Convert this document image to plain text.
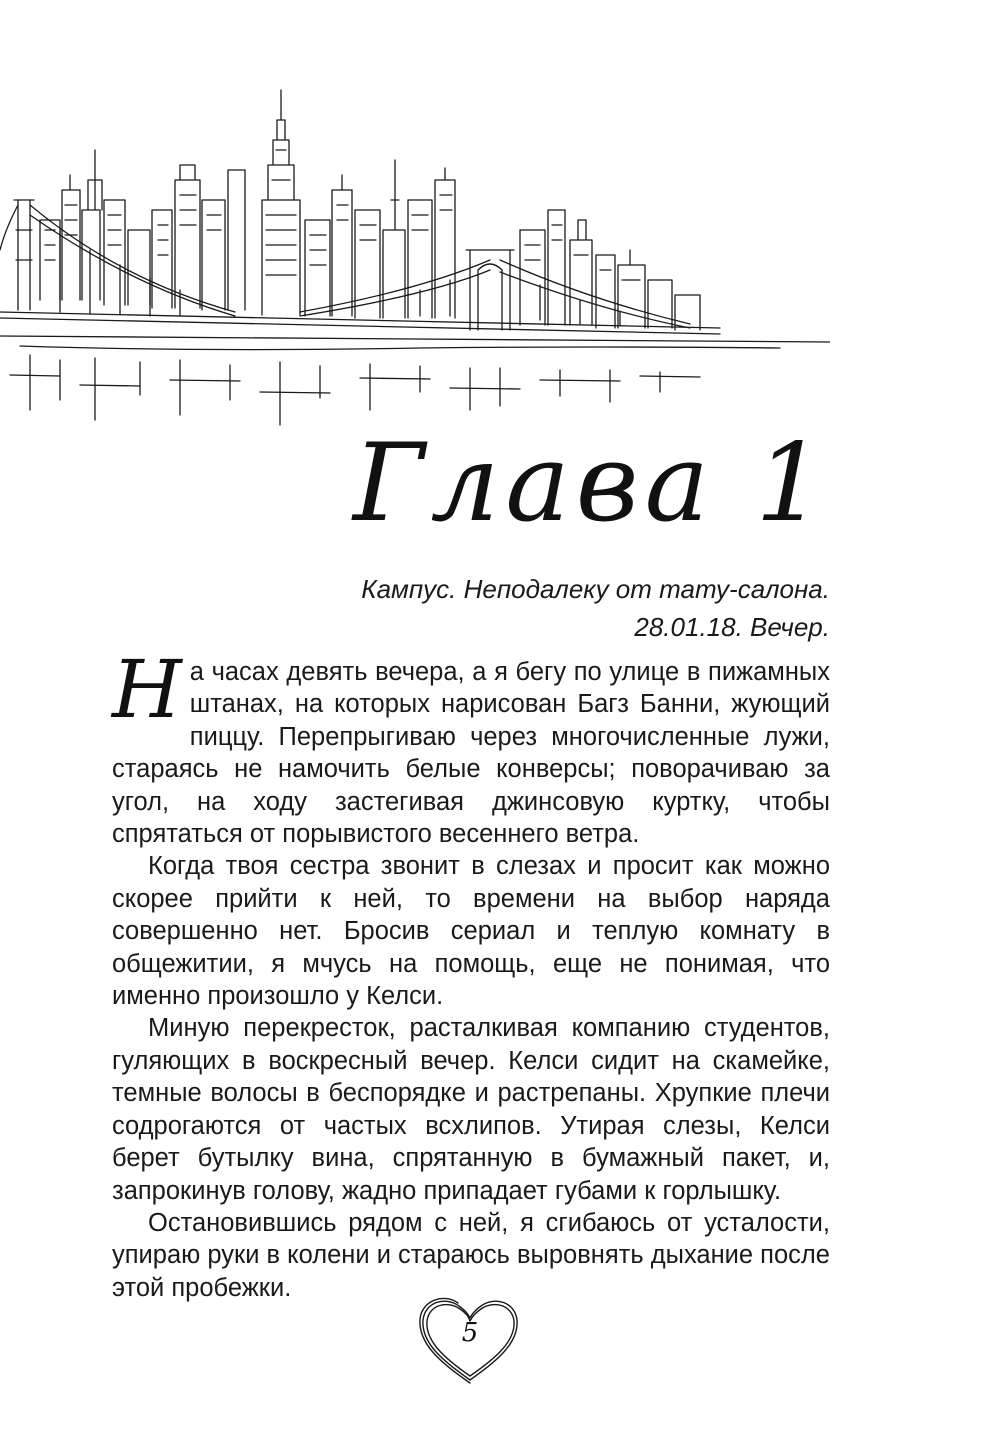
Глава 1
Кампус. Неподалеку от тату-салона.
28.01.18. Вечер.

На часах девять вечера, а я бегу по улице в пижамных штанах, на которых нарисован Багз Банни, жующий пиццу. Перепрыгиваю через многочисленные лужи, стараясь не намочить белые конверсы; поворачиваю за угол, на ходу застегивая джинсовую куртку, чтобы спрятаться от порывистого весеннего ветра.

Когда твоя сестра звонит в слезах и просит как можно скорее прийти к ней, то времени на выбор наряда совершенно нет. Бросив сериал и теплую комнату в общежитии, я мчусь на помощь, еще не понимая, что именно произошло у Келси.

Миную перекресток, расталкивая компанию студентов, гуляющих в воскресный вечер. Келси сидит на скамейке, темные волосы в беспорядке и растрепаны. Хрупкие плечи содрогаются от частых всхлипов. Утирая слезы, Келси берет бутылку вина, спрятанную в бумажный пакет, и, запрокинув голову, жадно припадает губами к горлышку.

Остановившись рядом с ней, я сгибаюсь от усталости, упираю руки в колени и стараюсь выровнять дыхание после этой пробежки.

5
